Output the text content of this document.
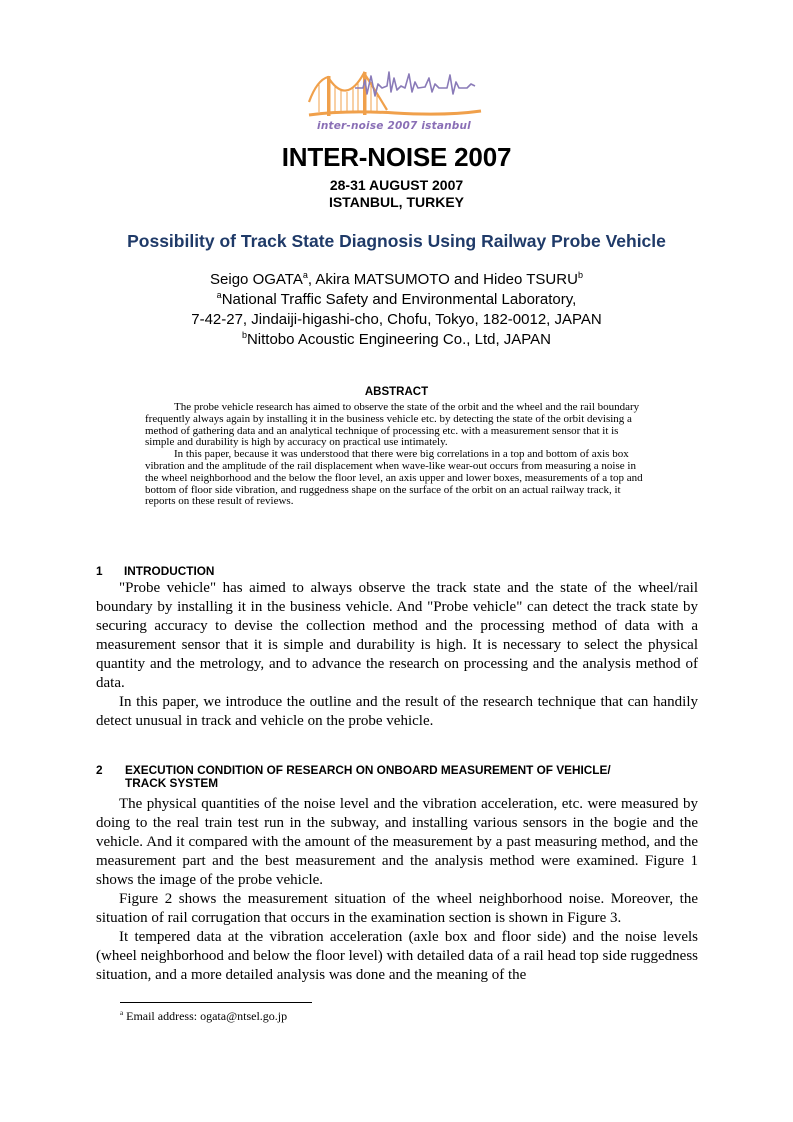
inter-noise 2007 istanbul
INTER-NOISE 2007
28-31 AUGUST 2007
ISTANBUL, TURKEY
Possibility of Track State Diagnosis Using Railway Probe Vehicle
Seigo OGATA$^a$, Akira MATSUMOTO and Hideo TSURU$^b$
$^a$National Traffic Safety and Environmental Laboratory,
7-42-27, Jindaiji-higashi-cho, Chofu, Tokyo, 182-0012, JAPAN
$^b$Nittobo Acoustic Engineering Co., Ltd, JAPAN
ABSTRACT

The probe vehicle research has aimed to observe the state of the orbit and the wheel and the rail boundary frequently always again by installing it in the business vehicle etc. by detecting the state of the orbit devising a method of gathering data and an analytical technique of processing etc. with a measurement sensor that it is simple and durability is high by accuracy on practical use intimately.

In this paper, because it was understood that there were big correlations in a top and bottom of axis box vibration and the amplitude of the rail displacement when wave-like wear-out occurs from measuring a noise in the wheel neighborhood and the below the floor level, an axis upper and lower boxes, measurements of a top and bottom of floor side vibration, and ruggedness shape on the surface of the orbit on an actual railway track, it reports on these result of reviews.

1 INTRODUCTION

"Probe vehicle" has aimed to always observe the track state and the state of the wheel/rail boundary by installing it in the business vehicle. And "Probe vehicle" can detect the track state by securing accuracy to devise the collection method and the processing method of data with a measurement sensor that it is simple and durability is high. It is necessary to select the physical quantity and the metrology, and to advance the research on processing and the analysis method of data.

In this paper, we introduce the outline and the result of the research technique that can handily detect unusual in track and vehicle on the probe vehicle.

2 EXECUTION CONDITION OF RESEARCH ON ONBOARD MEASUREMENT OF VEHICLE/
TRACK SYSTEM

The physical quantities of the noise level and the vibration acceleration, etc. were measured by doing to the real train test run in the subway, and installing various sensors in the bogie and the vehicle. And it compared with the amount of the measurement by a past measuring method, and the measurement part and the best measurement and the analysis method were examined. Figure 1 shows the image of the probe vehicle.

Figure 2 shows the measurement situation of the wheel neighborhood noise. Moreover, the situation of rail corrugation that occurs in the examination section is shown in Figure 3.

It tempered data at the vibration acceleration (axle box and floor side) and the noise levels (wheel neighborhood and below the floor level) with detailed data of a rail head top side ruggedness situation, and a more detailed analysis was done and the meaning of the

$^a$ Email address: ogata@ntsel.go.jp
